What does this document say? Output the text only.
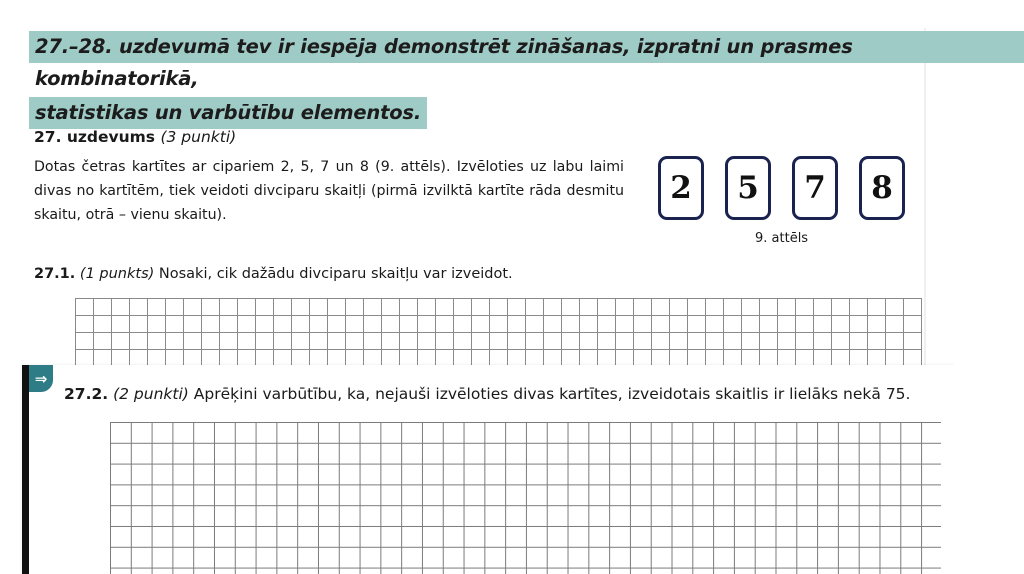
27.–28. uzdevumā tev ir iespēja demonstrēt zināšanas, izpratni un prasmes kombinatorikā,
statistikas un varbūtību elementos.
27. uzdevums (3 punkti)
Dotas četras kartītes ar cipariem 2, 5, 7 un 8 (9. attēls). Izvēloties uz labu laimi divas no kartītēm, tiek veidoti divciparu skaitļi (pirmā izvilktā kartīte rāda desmitu skaitu, otrā – vienu skaitu).
2	5	7	8
9. attēls
27.1. (1 punkts) Nosaki, cik dažādu divciparu skaitļu var izveidot.
⇒
27.2. (2 punkti) Aprēķini varbūtību, ka, nejauši izvēloties divas kartītes, izveidotais skaitlis ir lielāks nekā 75.
